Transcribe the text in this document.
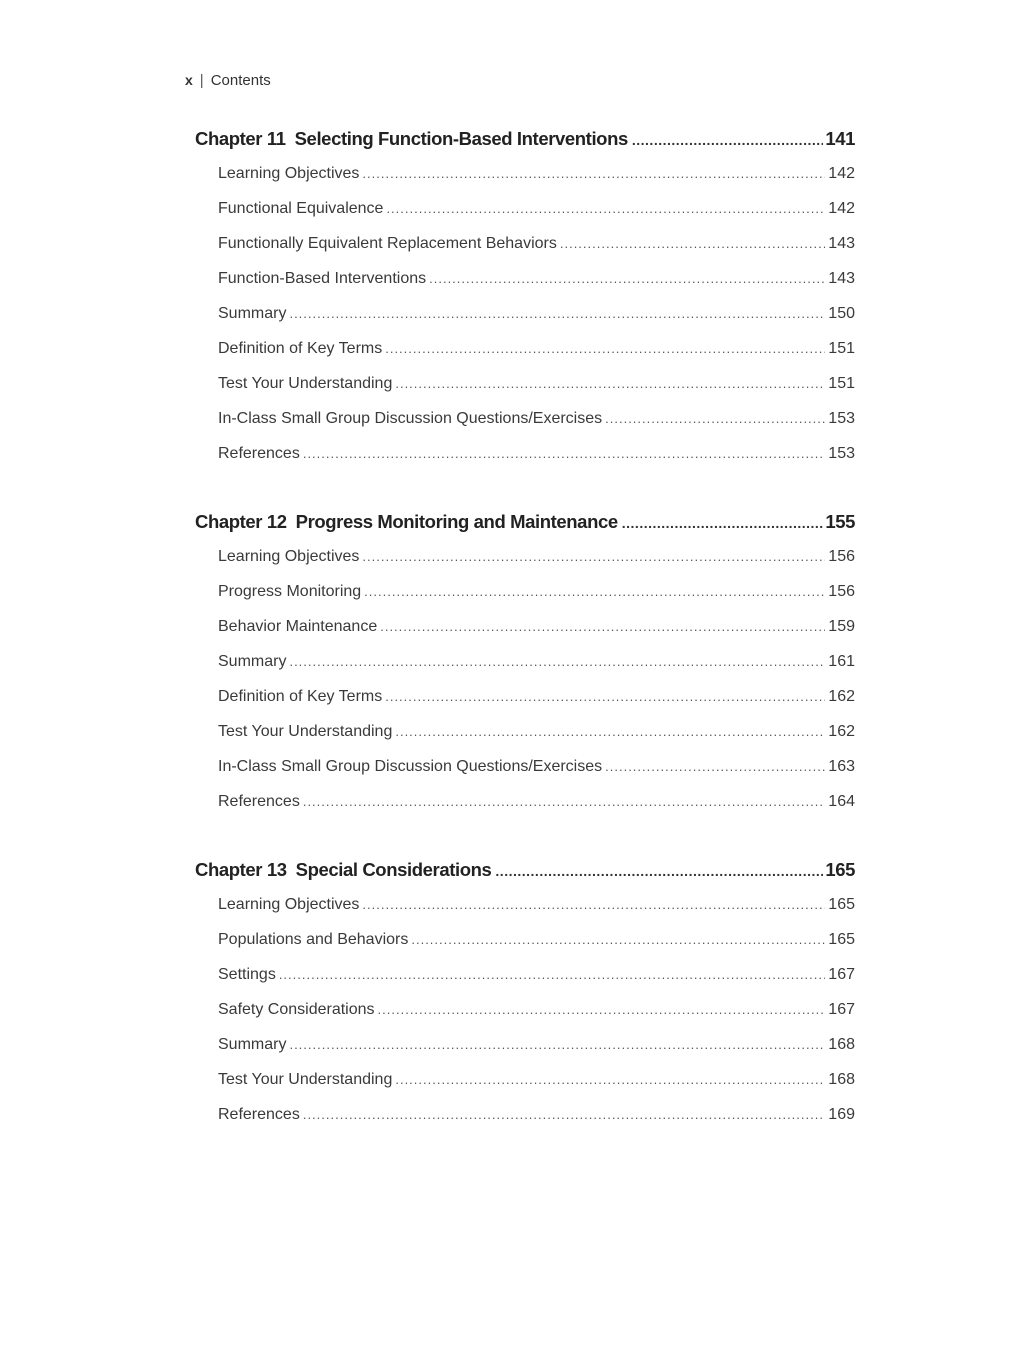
x | Contents
Chapter 11 Selecting Function-Based Interventions .....	141
Learning Objectives .....	142
Functional Equivalence .....	142
Functionally Equivalent Replacement Behaviors .....	143
Function-Based Interventions .....	143
Summary .....	150
Definition of Key Terms .....	151
Test Your Understanding .....	151
In-Class Small Group Discussion Questions/Exercises .....	153
References .....	153
Chapter 12 Progress Monitoring and Maintenance .....	155
Learning Objectives .....	156
Progress Monitoring .....	156
Behavior Maintenance .....	159
Summary .....	161
Definition of Key Terms .....	162
Test Your Understanding .....	162
In-Class Small Group Discussion Questions/Exercises .....	163
References .....	164
Chapter 13 Special Considerations .....	165
Learning Objectives .....	165
Populations and Behaviors .....	165
Settings .....	167
Safety Considerations .....	167
Summary .....	168
Test Your Understanding .....	168
References .....	169
